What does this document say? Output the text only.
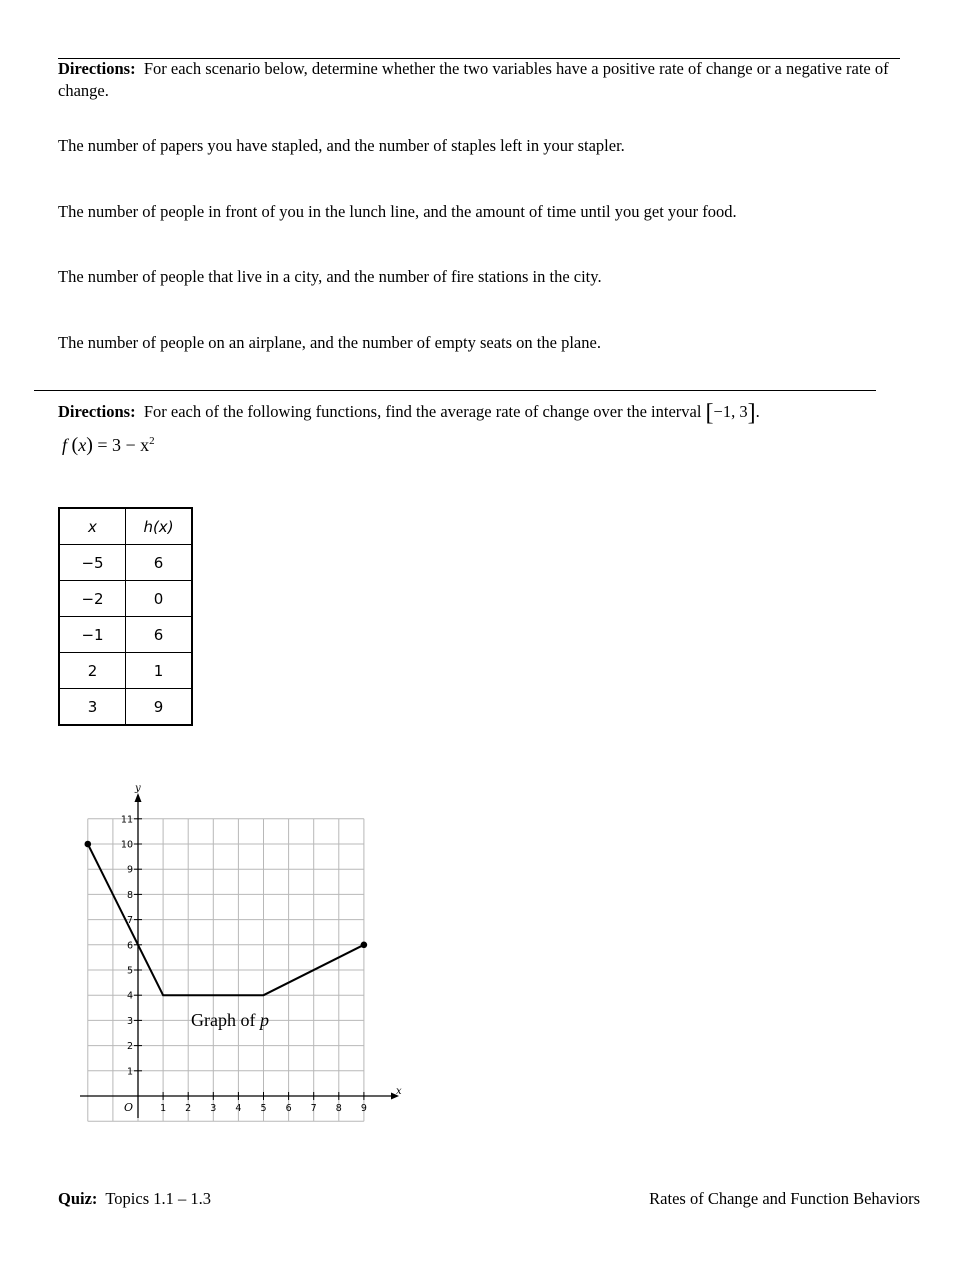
Directions: For each scenario below, determine whether the two variables have a positive rate of change or a negative rate of change.
The number of papers you have stapled, and the number of staples left in your stapler.
The number of people in front of you in the lunch line, and the amount of time until you get your food.
The number of people that live in a city, and the number of fire stations in the city.
The number of people on an airplane, and the number of empty seats on the plane.
Directions: For each of the following functions, find the average rate of change over the interval [−1, 3].
f $(x) = 3 - x^2$
x	h(x)
−5	6
−2	0
−1	6
2	1
3	9
x
y
O	1 2 3 4 5 6 7 8 9
1
2
3
4
5
6
7
8
9
10
11
Graph of p
Quiz: Topics 1.1 – 1.3	Rates of Change and Function Behaviors
